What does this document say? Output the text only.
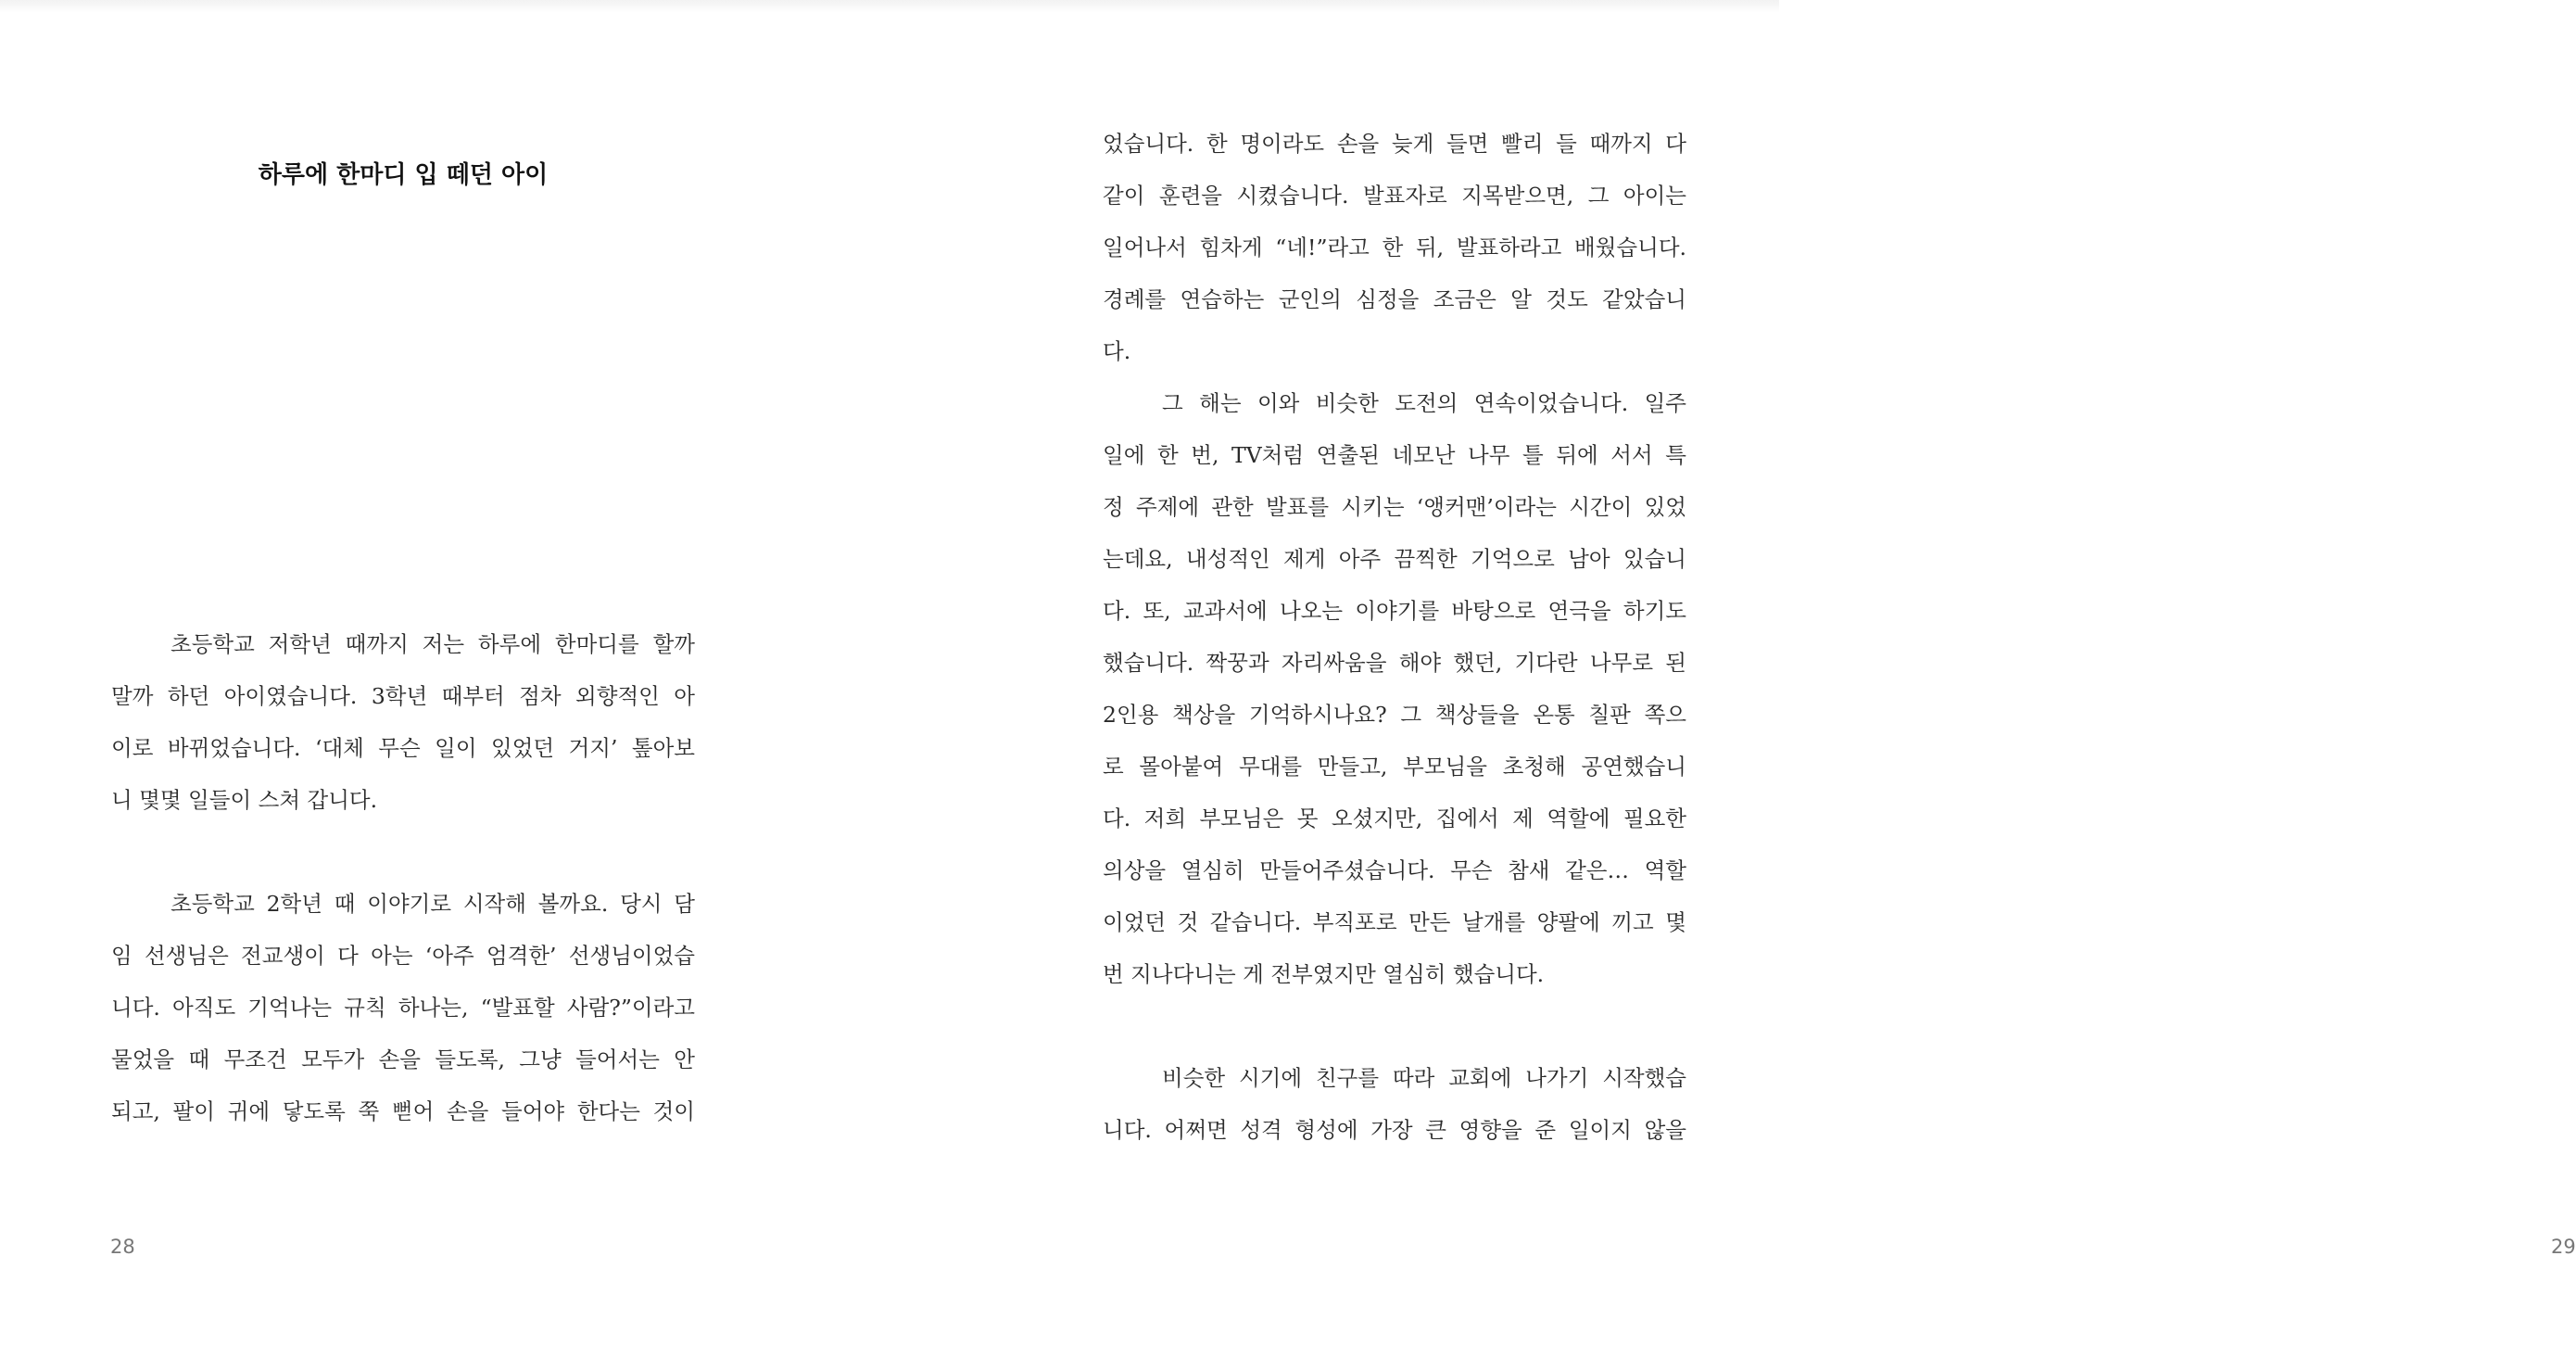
하루에 한마디 입 떼던 아이

초등학교 저학년 때까지 저는 하루에 한마디를 할까
말까 하던 아이였습니다. 3학년 때부터 점차 외향적인 아
이로 바뀌었습니다. ‘대체 무슨 일이 있었던 거지’ 톺아보
니 몇몇 일들이 스쳐 갑니다.

초등학교 2학년 때 이야기로 시작해 볼까요. 당시 담
임 선생님은 전교생이 다 아는 ‘아주 엄격한’ 선생님이었습
니다. 아직도 기억나는 규칙 하나는, “발표할 사람?”이라고
물었을 때 무조건 모두가 손을 들도록, 그냥 들어서는 안
되고, 팔이 귀에 닿도록 쭉 뻗어 손을 들어야 한다는 것이

28

었습니다. 한 명이라도 손을 늦게 들면 빨리 들 때까지 다
같이 훈련을 시켰습니다. 발표자로 지목받으면, 그 아이는
일어나서 힘차게 “네!”라고 한 뒤, 발표하라고 배웠습니다.
경례를 연습하는 군인의 심정을 조금은 알 것도 같았습니
다.

그 해는 이와 비슷한 도전의 연속이었습니다. 일주
일에 한 번, TV처럼 연출된 네모난 나무 틀 뒤에 서서 특
정 주제에 관한 발표를 시키는 ‘앵커맨’이라는 시간이 있었
는데요, 내성적인 제게 아주 끔찍한 기억으로 남아 있습니
다. 또, 교과서에 나오는 이야기를 바탕으로 연극을 하기도
했습니다. 짝꿍과 자리싸움을 해야 했던, 기다란 나무로 된
2인용 책상을 기억하시나요? 그 책상들을 온통 칠판 쪽으
로 몰아붙여 무대를 만들고, 부모님을 초청해 공연했습니
다. 저희 부모님은 못 오셨지만, 집에서 제 역할에 필요한
의상을 열심히 만들어주셨습니다. 무슨 참새 같은… 역할
이었던 것 같습니다. 부직포로 만든 날개를 양팔에 끼고 몇
번 지나다니는 게 전부였지만 열심히 했습니다.

비슷한 시기에 친구를 따라 교회에 나가기 시작했습
니다. 어쩌면 성격 형성에 가장 큰 영향을 준 일이지 않을

29
